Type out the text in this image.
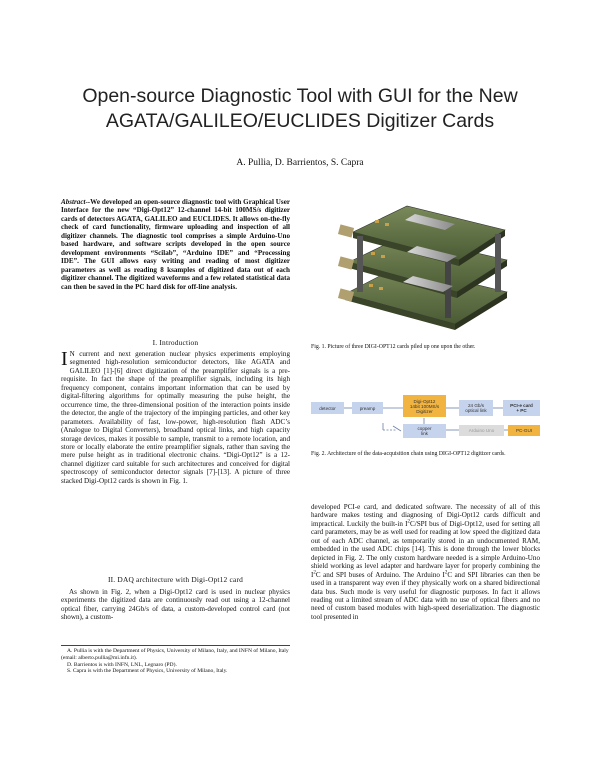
Open-source Diagnostic Tool with GUI for the New
AGATA/GALILEO/EUCLIDES Digitizer Cards
A. Pullia, D. Barrientos, S. Capra
Abstract--We developed an open-source diagnostic tool with Graphical User Interface for the new “Digi-Opt12” 12-channel 14-bit 100MS/s digitizer cards of detectors AGATA, GALILEO and EUCLIDES. It allows on-the-fly check of card functionality, firmware uploading and inspection of all digitizer channels. The diagnostic tool comprises a simple Arduino-Uno based hardware, and software scripts developed in the open source development environments “Scilab”, “Arduino IDE” and “Processing IDE”. The GUI allows easy writing and reading of most digitizer parameters as well as reading 8 ksamples of digitized data out of each digitizer channel. The digitized waveforms and a few related statistical data can then be saved in the PC hard disk for off-line analysis.
I. Introduction
I N current and next generation nuclear physics experiments employing segmented high-resolution semiconductor detectors, like AGATA and GALILEO [1]-[6] direct digitization of the preamplifier signals is a pre-requisite. In fact the shape of the preamplifier signals, including its high frequency component, contains important information that can be used by digital-filtering algorithms for optimally measuring the pulse height, the occurrence time, the three-dimensional position of the interaction points inside the detector, the angle of the trajectory of the impinging particles, and other key parameters. Availability of fast, low-power, high-resolution flash ADC’s (Analogue to Digital Converters), broadband optical links, and high capacity storage devices, makes it possible to sample, transmit to a remote location, and store or locally elaborate the entire preamplifier signals, rather than saving the mere pulse height as in traditional electronic chains. “Digi-Opt12” is a 12-channel digitizer card suitable for such architectures and conceived for digital spectroscopy of semiconductor detector signals [7]-[13]. A picture of three stacked Digi-Opt12 cards is shown in Fig. 1.
II. DAQ architecture with Digi-Opt12 card
As shown in Fig. 2, when a Digi-Opt12 card is used in nuclear physics experiments the digitized data are continuously read out using a 12-channel optical fiber, carrying 24Gb/s of data, a custom-developed control card (not shown), a custom-

A. Pullia is with the Department of Physics, University of Milano, Italy, and INFN of Milano, Italy (email: alberto.pullia@mi.infn.it).

D. Barrientos is with INFN, LNL, Legnaro (PD).

S. Capra is with the Department of Physics, University of Milano, Italy.

Fig. 1. Picture of three DIGI-OPT12 cards piled up one upon the other.
detector	preamp
Digi-Opt12
14bit 100MS/s
Digitizer
24 Gb/s
optical link
PCI-e card
+ PC
copper
link
Arduino Uno	PC-GUI
Fig. 2. Architecture of the data-acquisition chain using DIGI-OPT12 digitizer cards.
developed PCI-e card, and dedicated software. The necessity of all of this hardware makes testing and diagnosing of Digi-Opt12 cards difficult and impractical. Luckily the built-in $I^2C$/SPI bus of Digi-Opt12, used for setting all card parameters, may be as well used for reading at low speed the digitized data out of each ADC channel, as temporarily stored in an undocumented RAM, embedded in the used ADC chips [14]. This is done through the lower blocks depicted in Fig. 2. The only custom hardware needed is a simple Arduino-Uno shield working as level adapter and hardware layer for properly combining the $I^2C$ and SPI buses of Arduino. The Arduino $I^2C$ and SPI libraries can then be used in a transparent way even if they physically work on a shared bidirectional data bus. Such mode is very useful for diagnostic purposes. In fact it allows reading out a limited stream of ADC data with no use of optical fibers and no need of custom based modules with high-speed deserialization. The diagnostic tool presented in
